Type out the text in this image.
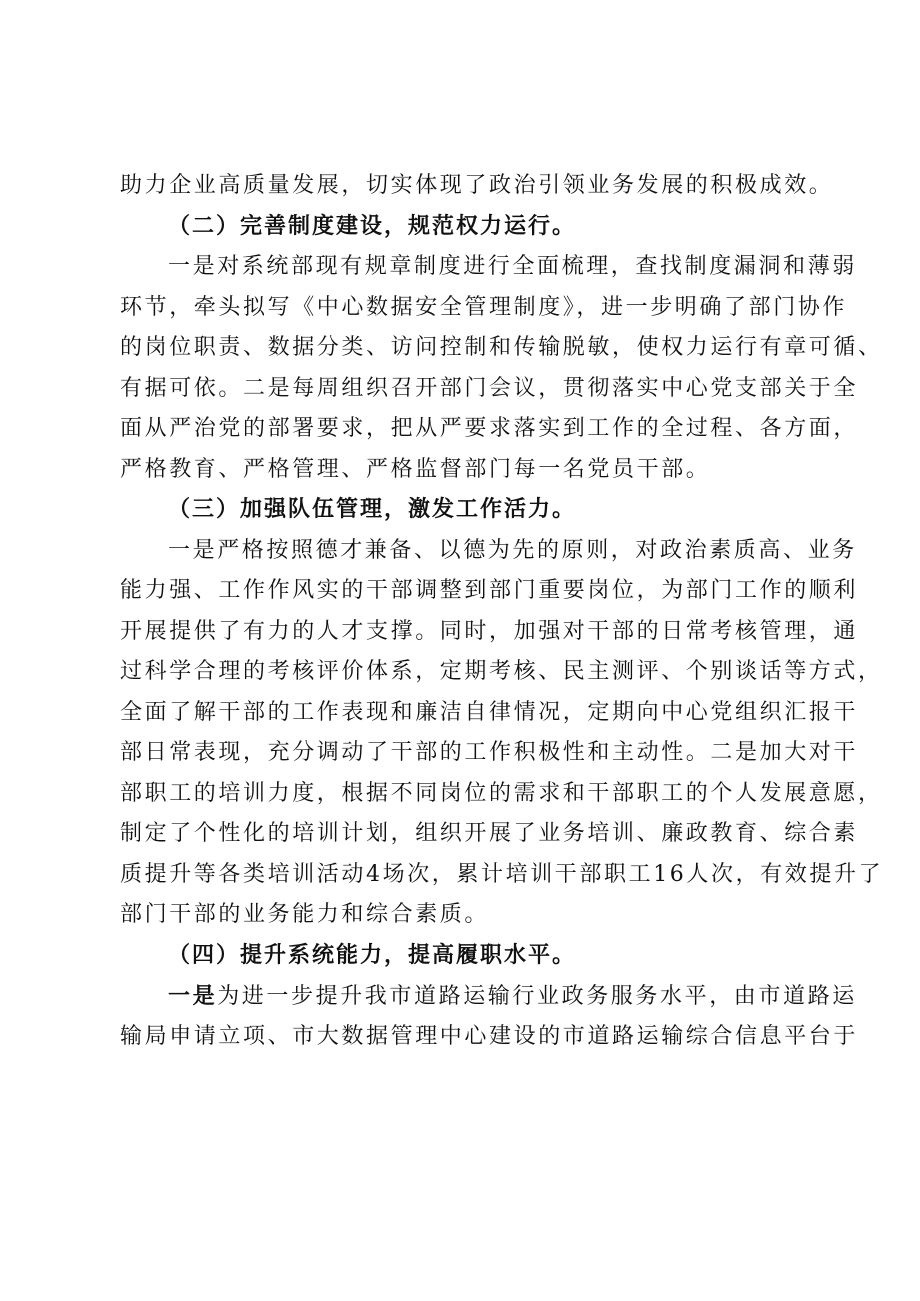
助力企业高质量发展，切实体现了政治引领业务发展的积极成效。
（二）完善制度建设，规范权力运行。
一是对系统部现有规章制度进行全面梳理，查找制度漏洞和薄弱
环节，牵头拟写《中心数据安全管理制度》，进一步明确了部门协作
的岗位职责、数据分类、访问控制和传输脱敏，使权力运行有章可循、
有据可依。二是每周组织召开部门会议，贯彻落实中心党支部关于全
面从严治党的部署要求，把从严要求落实到工作的全过程、各方面，
严格教育、严格管理、严格监督部门每一名党员干部。
（三）加强队伍管理，激发工作活力。
一是严格按照德才兼备、以德为先的原则，对政治素质高、业务
能力强、工作作风实的干部调整到部门重要岗位，为部门工作的顺利
开展提供了有力的人才支撑。同时，加强对干部的日常考核管理，通
过科学合理的考核评价体系，定期考核、民主测评、个别谈话等方式，
全面了解干部的工作表现和廉洁自律情况，定期向中心党组织汇报干
部日常表现，充分调动了干部的工作积极性和主动性。二是加大对干
部职工的培训力度，根据不同岗位的需求和干部职工的个人发展意愿，
制定了个性化的培训计划，组织开展了业务培训、廉政教育、综合素
质提升等各类培训活动4场次，累计培训干部职工16人次，有效提升了
部门干部的业务能力和综合素质。
（四）提升系统能力，提高履职水平。
一是为进一步提升我市道路运输行业政务服务水平，由市道路运
输局申请立项、市大数据管理中心建设的市道路运输综合信息平台于
